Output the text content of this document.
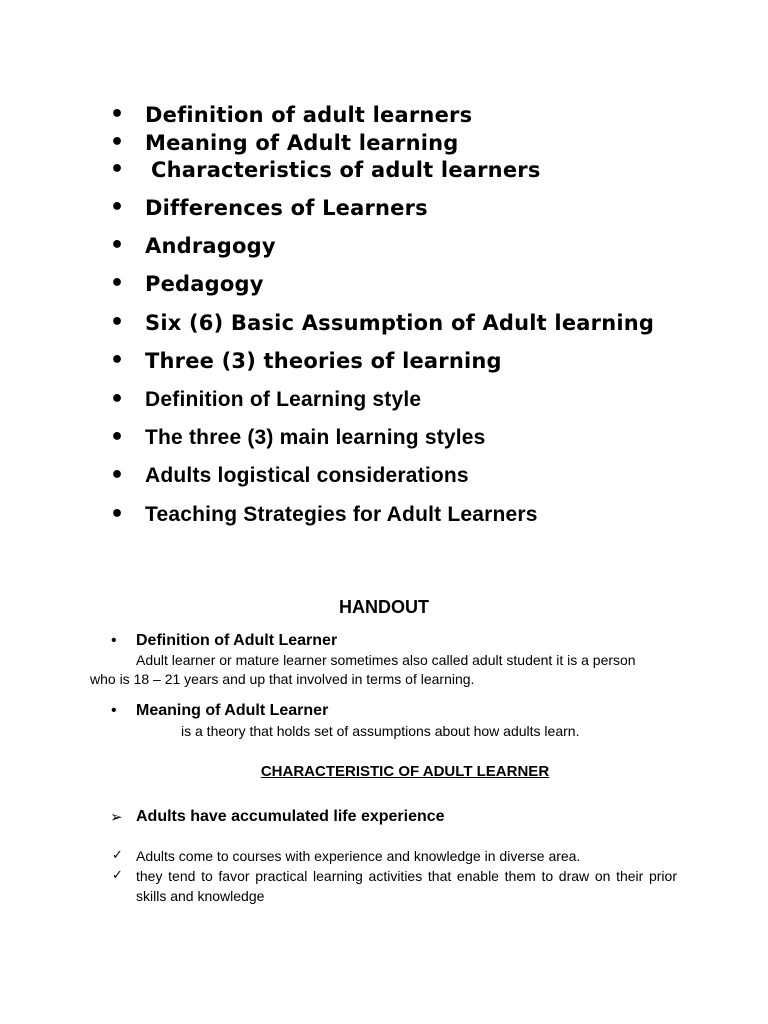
• Definition of adult learners
• Meaning of Adult learning
• Characteristics of adult learners
• Differences of Learners
• Andragogy
• Pedagogy
• Six (6) Basic Assumption of Adult learning
• Three (3) theories of learning
• Definition of Learning style
• The three (3) main learning styles
• Adults logistical considerations
• Teaching Strategies for Adult Learners
HANDOUT
• Definition of Adult Learner
Adult learner or mature learner sometimes also called adult student it is a person
who is 18 – 21 years and up that involved in terms of learning.
• Meaning of Adult Learner
is a theory that holds set of assumptions about how adults learn.
CHARACTERISTIC OF ADULT LEARNER
➢ Adults have accumulated life experience
✓ Adults come to courses with experience and knowledge in diverse area.
✓ they tend to favor practical learning activities that enable them to draw on their prior skills and knowledge
